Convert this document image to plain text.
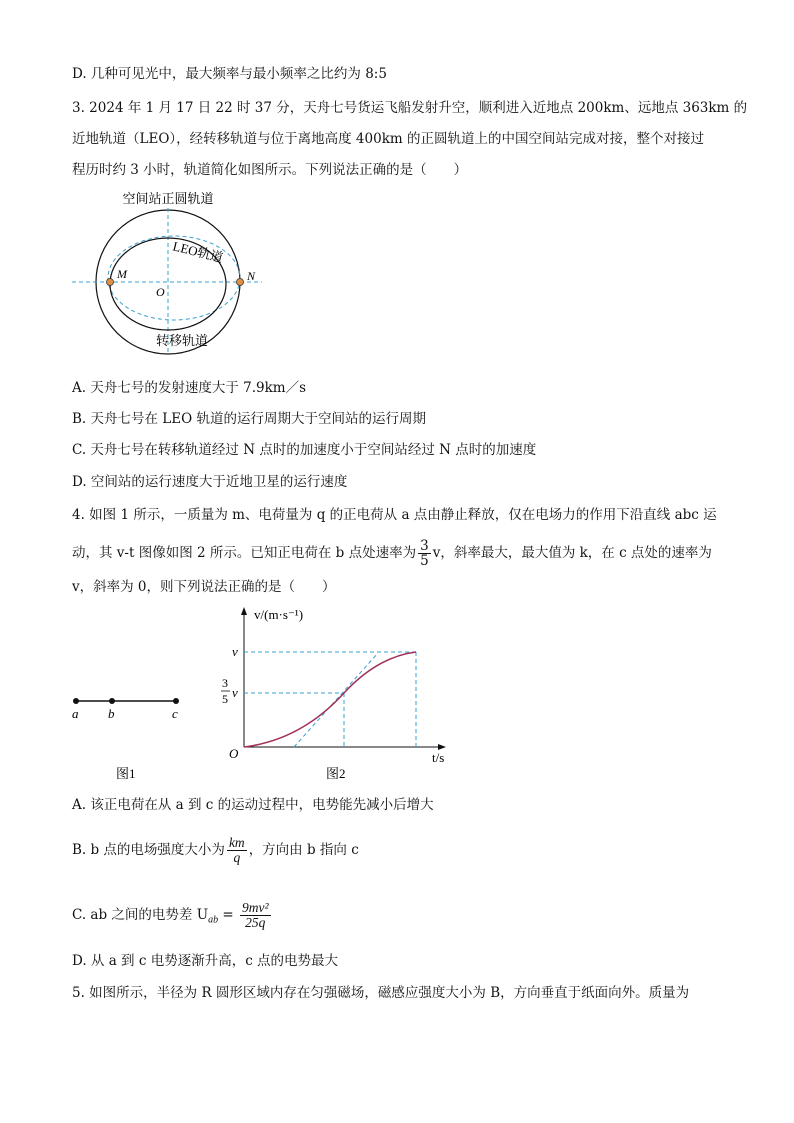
D. 几种可见光中，最大频率与最小频率之比约为 8:5
3. 2024 年 1 月 17 日 22 时 37 分，天舟七号货运飞船发射升空，顺利进入近地点 200km、远地点 363km 的
近地轨道（LEO），经转移轨道与位于离地高度 400km 的正圆轨道上的中国空间站完成对接，整个对接过
程历时约 3 小时，轨道简化如图所示。下列说法正确的是（　　）
空间站正圆轨道
M	N
O
LEO轨道
转移轨道
A. 天舟七号的发射速度大于 7.9km／s
B. 天舟七号在 LEO 轨道的运行周期大于空间站的运行周期
C. 天舟七号在转移轨道经过 N 点时的加速度小于空间站经过 N 点时的加速度
D. 空间站的运行速度大于近地卫星的运行速度
4. 如图 1 所示，一质量为 m、电荷量为 q 的正电荷从 a 点由静止释放，仅在电场力的作用下沿直线 abc 运
动，其 v-t 图像如图 2 所示。已知正电荷在 b 点处速率为 $\frac{3}{5}$ v，斜率最大，最大值为 k，在 c 点处的速率为
v，斜率为 0，则下列说法正确的是（　　）
a b	c
图1
v/(m·s⁻¹)
t/s
O
v
3
5 v
图2
A. 该正电荷在从 a 到 c 的运动过程中，电势能先减小后增大
B. b 点的电场强度大小为 $\frac{km}{q}$ ，方向由 b 指向 c
C. ab 之间的电势差 $U_{ab} = \frac{\text{9mv²}}{25q}$
D. 从 a 到 c 电势逐渐升高，c 点的电势最大
5. 如图所示，半径为 R 圆形区域内存在匀强磁场，磁感应强度大小为 B，方向垂直于纸面向外。质量为
